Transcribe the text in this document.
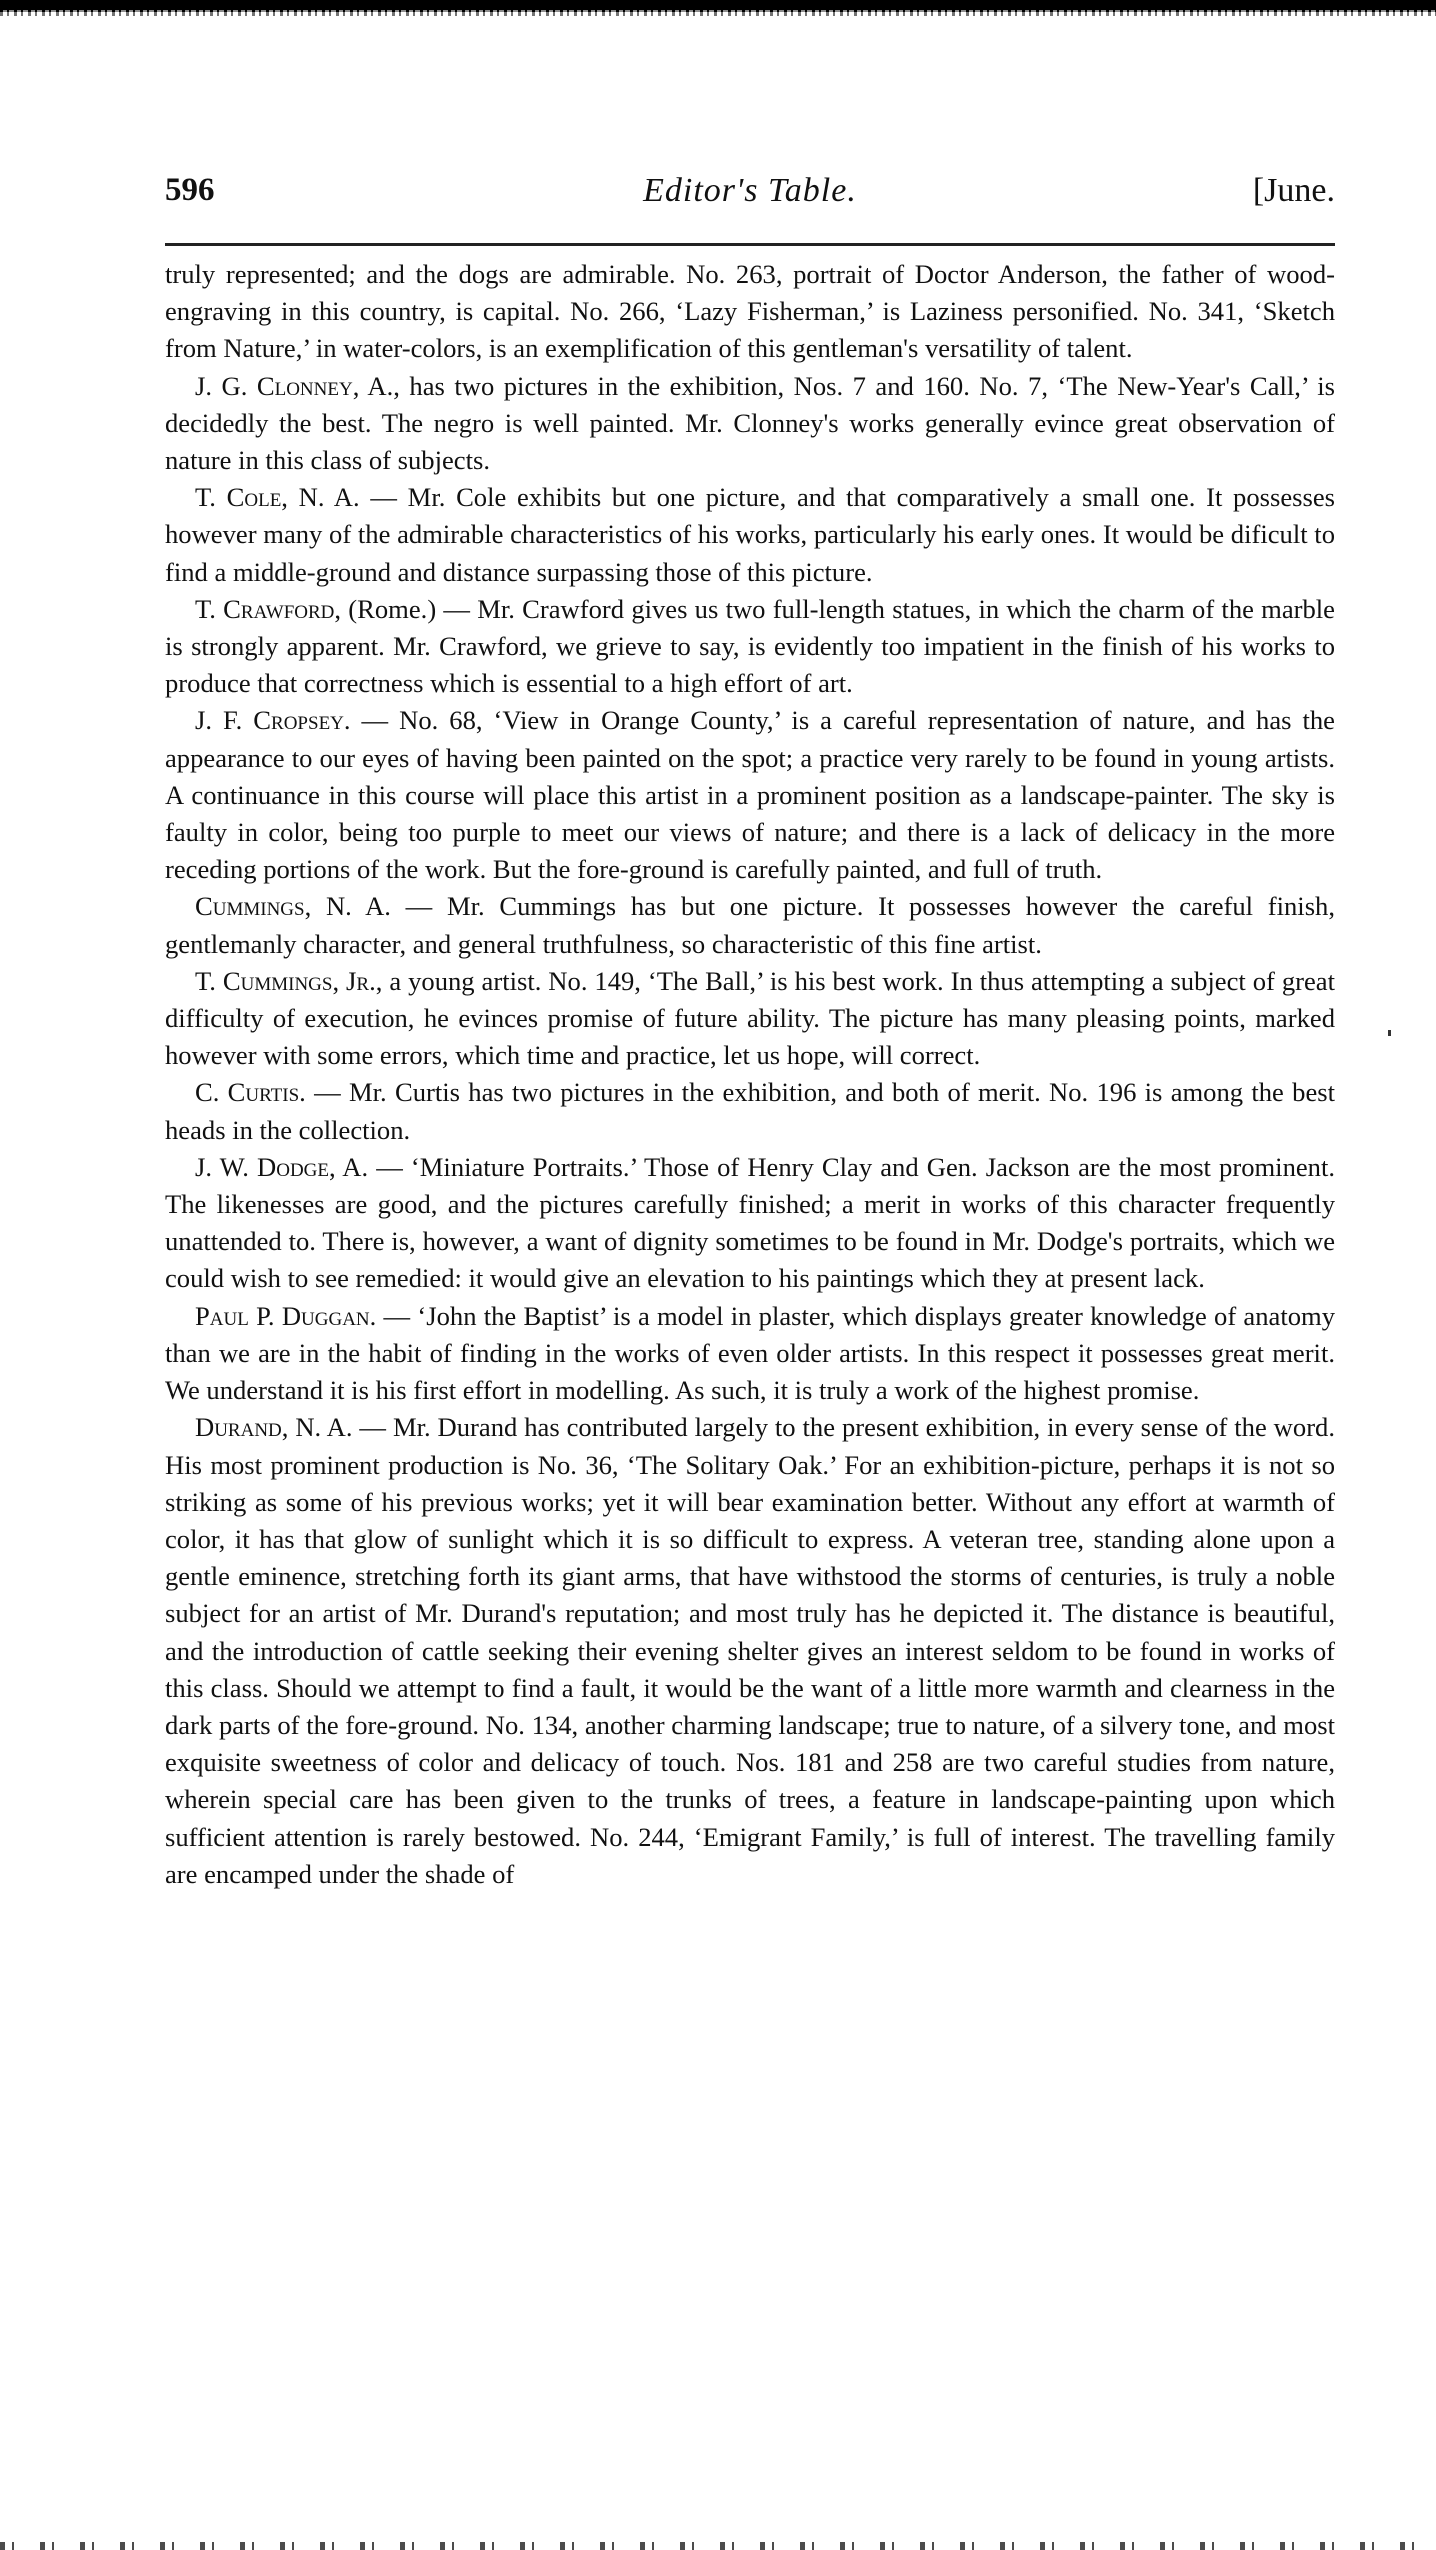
596	Editor's Table.	[June.

truly represented; and the dogs are admirable. No. 263, portrait of Doctor Anderson, the father of wood-engraving in this country, is capital. No. 266, ‘Lazy Fisherman,’ is Laziness personified. No. 341, ‘Sketch from Nature,’ in water-colors, is an exemplification of this gentleman's versatility of talent.

J. G. Clonney, A., has two pictures in the exhibition, Nos. 7 and 160. No. 7, ‘The New-Year's Call,’ is decidedly the best. The negro is well painted. Mr. Clonney's works generally evince great observation of nature in this class of subjects.

T. Cole, N. A. — Mr. Cole exhibits but one picture, and that comparatively a small one. It possesses however many of the admirable characteristics of his works, particularly his early ones. It would be dificult to find a middle-ground and distance surpassing those of this picture.

T. Crawford, (Rome.) — Mr. Crawford gives us two full-length statues, in which the charm of the marble is strongly apparent. Mr. Crawford, we grieve to say, is evidently too impatient in the finish of his works to produce that correctness which is essential to a high effort of art.

J. F. Cropsey. — No. 68, ‘View in Orange County,’ is a careful representation of nature, and has the appearance to our eyes of having been painted on the spot; a practice very rarely to be found in young artists. A continuance in this course will place this artist in a prominent position as a landscape-painter. The sky is faulty in color, being too purple to meet our views of nature; and there is a lack of delicacy in the more receding portions of the work. But the fore-ground is carefully painted, and full of truth.

Cummings, N. A. — Mr. Cummings has but one picture. It possesses however the careful finish, gentlemanly character, and general truthfulness, so characteristic of this fine artist.

T. Cummings, Jr., a young artist. No. 149, ‘The Ball,’ is his best work. In thus attempting a subject of great difficulty of execution, he evinces promise of future ability. The picture has many pleasing points, marked however with some errors, which time and practice, let us hope, will correct.

C. Curtis. — Mr. Curtis has two pictures in the exhibition, and both of merit. No. 196 is among the best heads in the collection.

J. W. Dodge, A. — ‘Miniature Portraits.’ Those of Henry Clay and Gen. Jackson are the most prominent. The likenesses are good, and the pictures carefully finished; a merit in works of this character frequently unattended to. There is, however, a want of dignity sometimes to be found in Mr. Dodge's portraits, which we could wish to see remedied: it would give an elevation to his paintings which they at present lack.

Paul P. Duggan. — ‘John the Baptist’ is a model in plaster, which displays greater knowledge of anatomy than we are in the habit of finding in the works of even older artists. In this respect it possesses great merit. We understand it is his first effort in modelling. As such, it is truly a work of the highest promise.

Durand, N. A. — Mr. Durand has contributed largely to the present exhibition, in every sense of the word. His most prominent production is No. 36, ‘The Solitary Oak.’ For an exhibition-picture, perhaps it is not so striking as some of his previous works; yet it will bear examination better. Without any effort at warmth of color, it has that glow of sunlight which it is so difficult to express. A veteran tree, standing alone upon a gentle eminence, stretching forth its giant arms, that have withstood the storms of centuries, is truly a noble subject for an artist of Mr. Durand's reputation; and most truly has he depicted it. The distance is beautiful, and the introduction of cattle seeking their evening shelter gives an interest seldom to be found in works of this class. Should we attempt to find a fault, it would be the want of a little more warmth and clearness in the dark parts of the fore-ground. No. 134, another charming landscape; true to nature, of a silvery tone, and most exquisite sweetness of color and delicacy of touch. Nos. 181 and 258 are two careful studies from nature, wherein special care has been given to the trunks of trees, a feature in landscape-painting upon which sufficient attention is rarely bestowed. No. 244, ‘Emigrant Family,’ is full of interest. The travelling family are encamped under the shade of
